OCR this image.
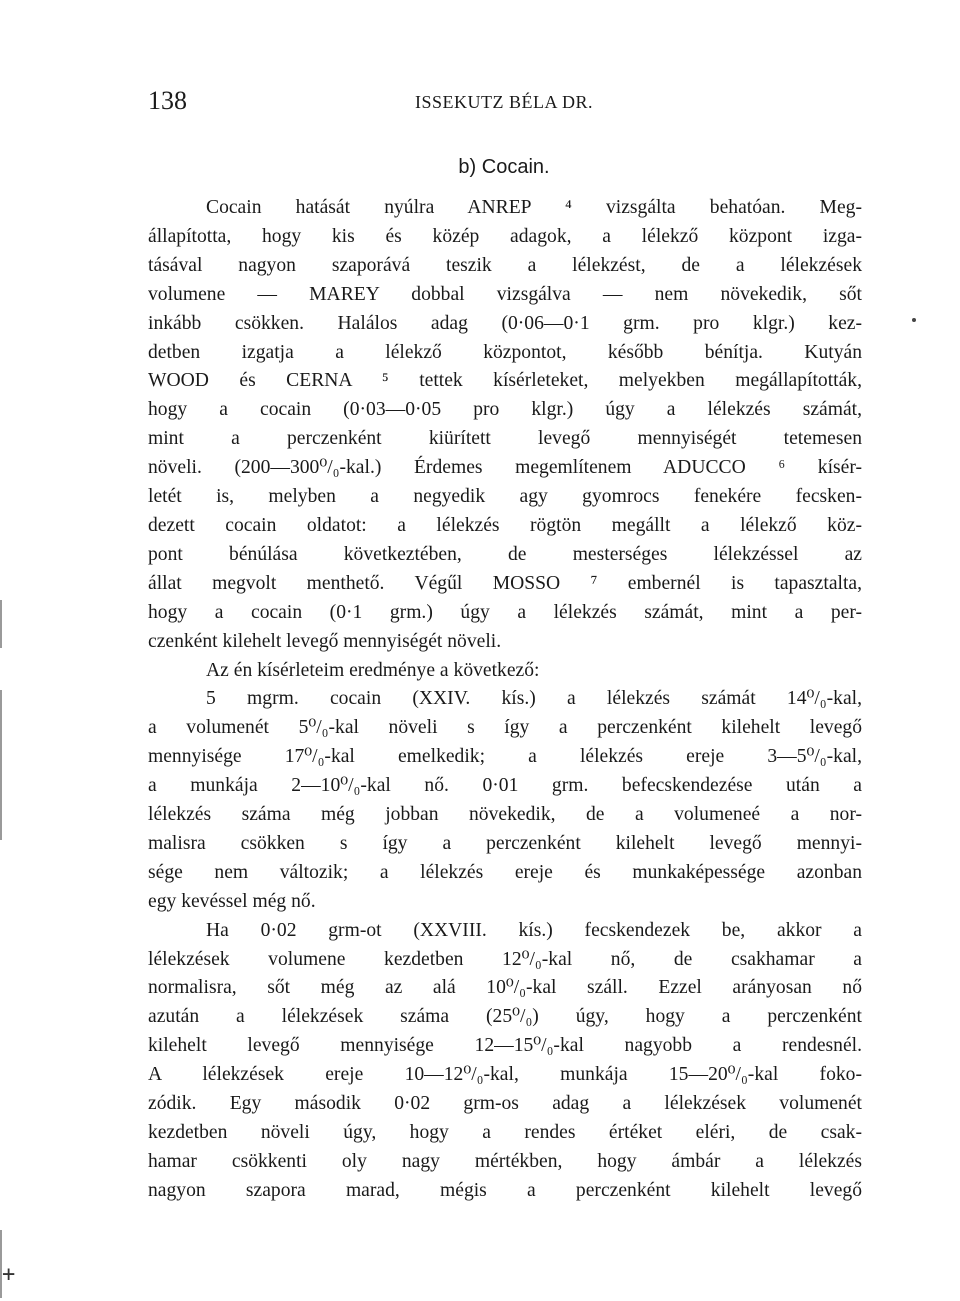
138	ISSEKUTZ BÉLA DR.
b) Cocain.
Cocain hatását nyúlra ANREP ⁴ vizsgálta behatóan. Meg-
állapította, hogy kis és közép adagok, a lélekző központ izga-
tásával nagyon szaporává teszik a lélekzést, de a lélekzések
volumene — MAREY dobbal vizsgálva — nem növekedik, sőt
inkább csökken. Halálos adag (0·06—0·1 grm. pro klgr.) kez-
detben izgatja a lélekző központot, később bénítja. Kutyán
WOOD és CERNA ⁵ tettek kísérleteket, melyekben megállapították,
hogy a cocain (0·03—0·05 pro klgr.) úgy a lélekzés számát,
mint a perczenként kiürített levegő mennyiségét tetemesen
növeli. (200—300⁰/₀-kal.) Érdemes megemlítenem ADUCCO ⁶ kísér-
letét is, melyben a negyedik agy gyomrocs fenekére fecsken-
dezett cocain oldatot: a lélekzés rögtön megállt a lélekző köz-
pont bénúlása következtében, de mesterséges lélekzéssel az
állat megvolt menthető. Végűl MOSSO ⁷ embernél is tapasztalta,
hogy a cocain (0·1 grm.) úgy a lélekzés számát, mint a per-
czenként kilehelt levegő mennyiségét növeli.
Az én kísérleteim eredménye a következő:
5 mgrm. cocain (XXIV. kís.) a lélekzés számát 14⁰/₀-kal,
a volumenét 5⁰/₀-kal növeli s így a perczenként kilehelt levegő
mennyisége 17⁰/₀-kal emelkedik; a lélekzés ereje 3—5⁰/₀-kal,
a munkája 2—10⁰/₀-kal nő. 0·01 grm. befecskendezése után a
lélekzés száma még jobban növekedik, de a volumeneé a nor-
malisra csökken s így a perczenként kilehelt levegő mennyi-
sége nem változik; a lélekzés ereje és munkaképessége azonban
egy kevéssel még nő.
Ha 0·02 grm-ot (XXVIII. kís.) fecskendezek be, akkor a
lélekzések volumene kezdetben 12⁰/₀-kal nő, de csakhamar a
normalisra, sőt még az alá 10⁰/₀-kal száll. Ezzel arányosan nő
azután a lélekzések száma (25⁰/₀) úgy, hogy a perczenként
kilehelt levegő mennyisége 12—15⁰/₀-kal nagyobb a rendesnél.
A lélekzések ereje 10—12⁰/₀-kal, munkája 15—20⁰/₀-kal foko-
zódik. Egy második 0·02 grm-os adag a lélekzések volumenét
kezdetben növeli úgy, hogy a rendes értéket eléri, de csak-
hamar csökkenti oly nagy mértékben, hogy ámbár a lélekzés
nagyon szapora marad, mégis a perczenként kilehelt levegő
+
